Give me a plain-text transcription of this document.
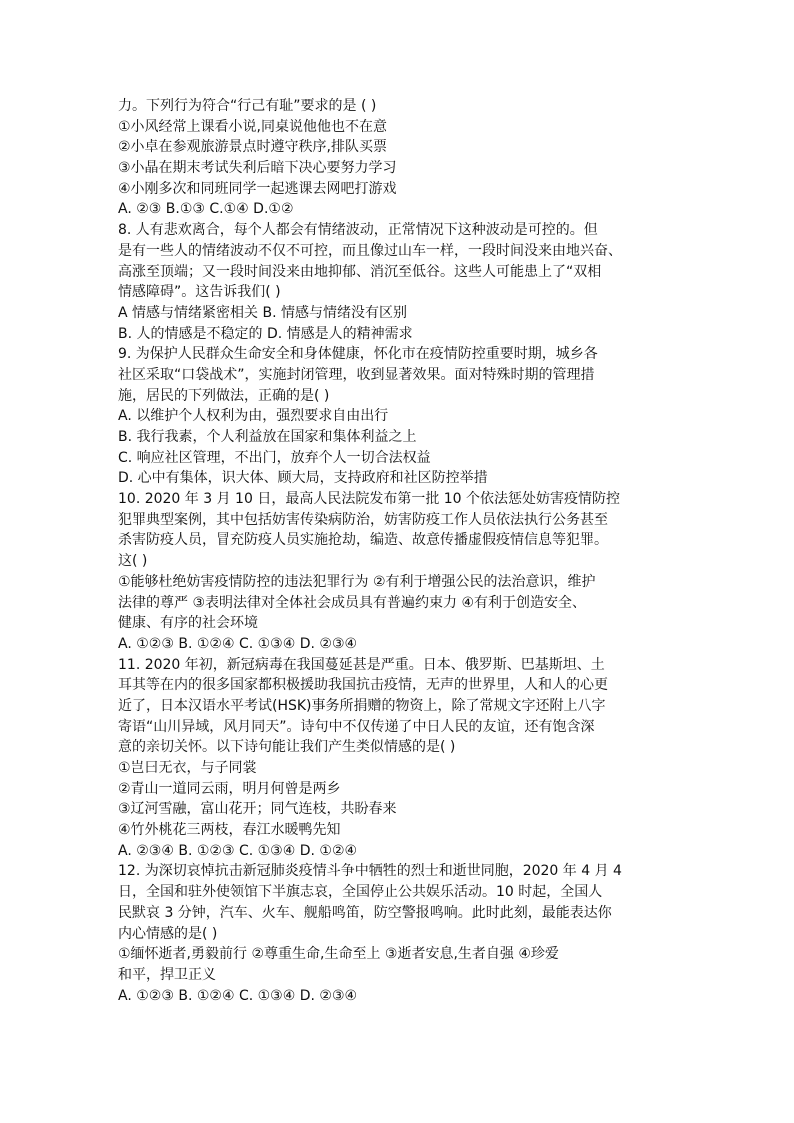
力。下列行为符合“行己有耻”要求的是 ( )
①小风经常上课看小说,同桌说他他也不在意
②小卓在参观旅游景点时遵守秩序,排队买票
③小晶在期末考试失利后暗下决心要努力学习
④小刚多次和同班同学一起逃课去网吧打游戏
A. ②③ B.①③ C.①④ D.①②
8. 人有悲欢离合，每个人都会有情绪波动，正常情况下这种波动是可控的。但
是有一些人的情绪波动不仅不可控，而且像过山车一样，一段时间没来由地兴奋、
高涨至顶端；又一段时间没来由地抑郁、消沉至低谷。这些人可能患上了“双相
情感障碍”。这告诉我们( )
A 情感与情绪紧密相关 B. 情感与情绪没有区别
B. 人的情感是不稳定的 D. 情感是人的精神需求
9. 为保护人民群众生命安全和身体健康，怀化市在疫情防控重要时期，城乡各
社区采取“口袋战术”，实施封闭管理，收到显著效果。面对特殊时期的管理措
施，居民的下列做法，正确的是( )
A. 以维护个人权利为由，强烈要求自由出行
B. 我行我素，个人利益放在国家和集体利益之上
C. 响应社区管理，不出门，放弃个人一切合法权益
D. 心中有集体，识大体、顾大局，支持政府和社区防控举措
10. 2020 年 3 月 10 日，最高人民法院发布第一批 10 个依法惩处妨害疫情防控
犯罪典型案例，其中包括妨害传染病防治，妨害防疫工作人员依法执行公务甚至
杀害防疫人员，冒充防疫人员实施抢劫，编造、故意传播虚假疫情信息等犯罪。
这( )
①能够杜绝妨害疫情防控的违法犯罪行为 ②有利于增强公民的法治意识，维护
法律的尊严 ③表明法律对全体社会成员具有普遍约束力 ④有利于创造安全、
健康、有序的社会环境
A. ①②③ B. ①②④ C. ①③④ D. ②③④
11. 2020 年初，新冠病毒在我国蔓延甚是严重。日本、俄罗斯、巴基斯坦、土
耳其等在内的很多国家都积极援助我国抗击疫情，无声的世界里，人和人的心更
近了，日本汉语水平考试(HSK)事务所捐赠的物资上，除了常规文字还附上八字
寄语“山川异域，风月同天”。诗句中不仅传递了中日人民的友谊，还有饱含深
意的亲切关怀。以下诗句能让我们产生类似情感的是( )
①岂曰无衣，与子同裳
②青山一道同云雨，明月何曾是两乡
③辽河雪融，富山花开；同气连枝，共盼春来
④竹外桃花三两枝，春江水暖鸭先知
A. ②③④ B. ①②③ C. ①③④ D. ①②④
12. 为深切哀悼抗击新冠肺炎疫情斗争中牺牲的烈士和逝世同胞，2020 年 4 月 4
日，全国和驻外使领馆下半旗志哀，全国停止公共娱乐活动。10 时起，全国人
民默哀 3 分钟，汽车、火车、舰船鸣笛，防空警报鸣响。此时此刻，最能表达你
内心情感的是( )
①缅怀逝者,勇毅前行 ②尊重生命,生命至上 ③逝者安息,生者自强 ④珍爱
和平，捍卫正义
A. ①②③ B. ①②④ C. ①③④ D. ②③④
